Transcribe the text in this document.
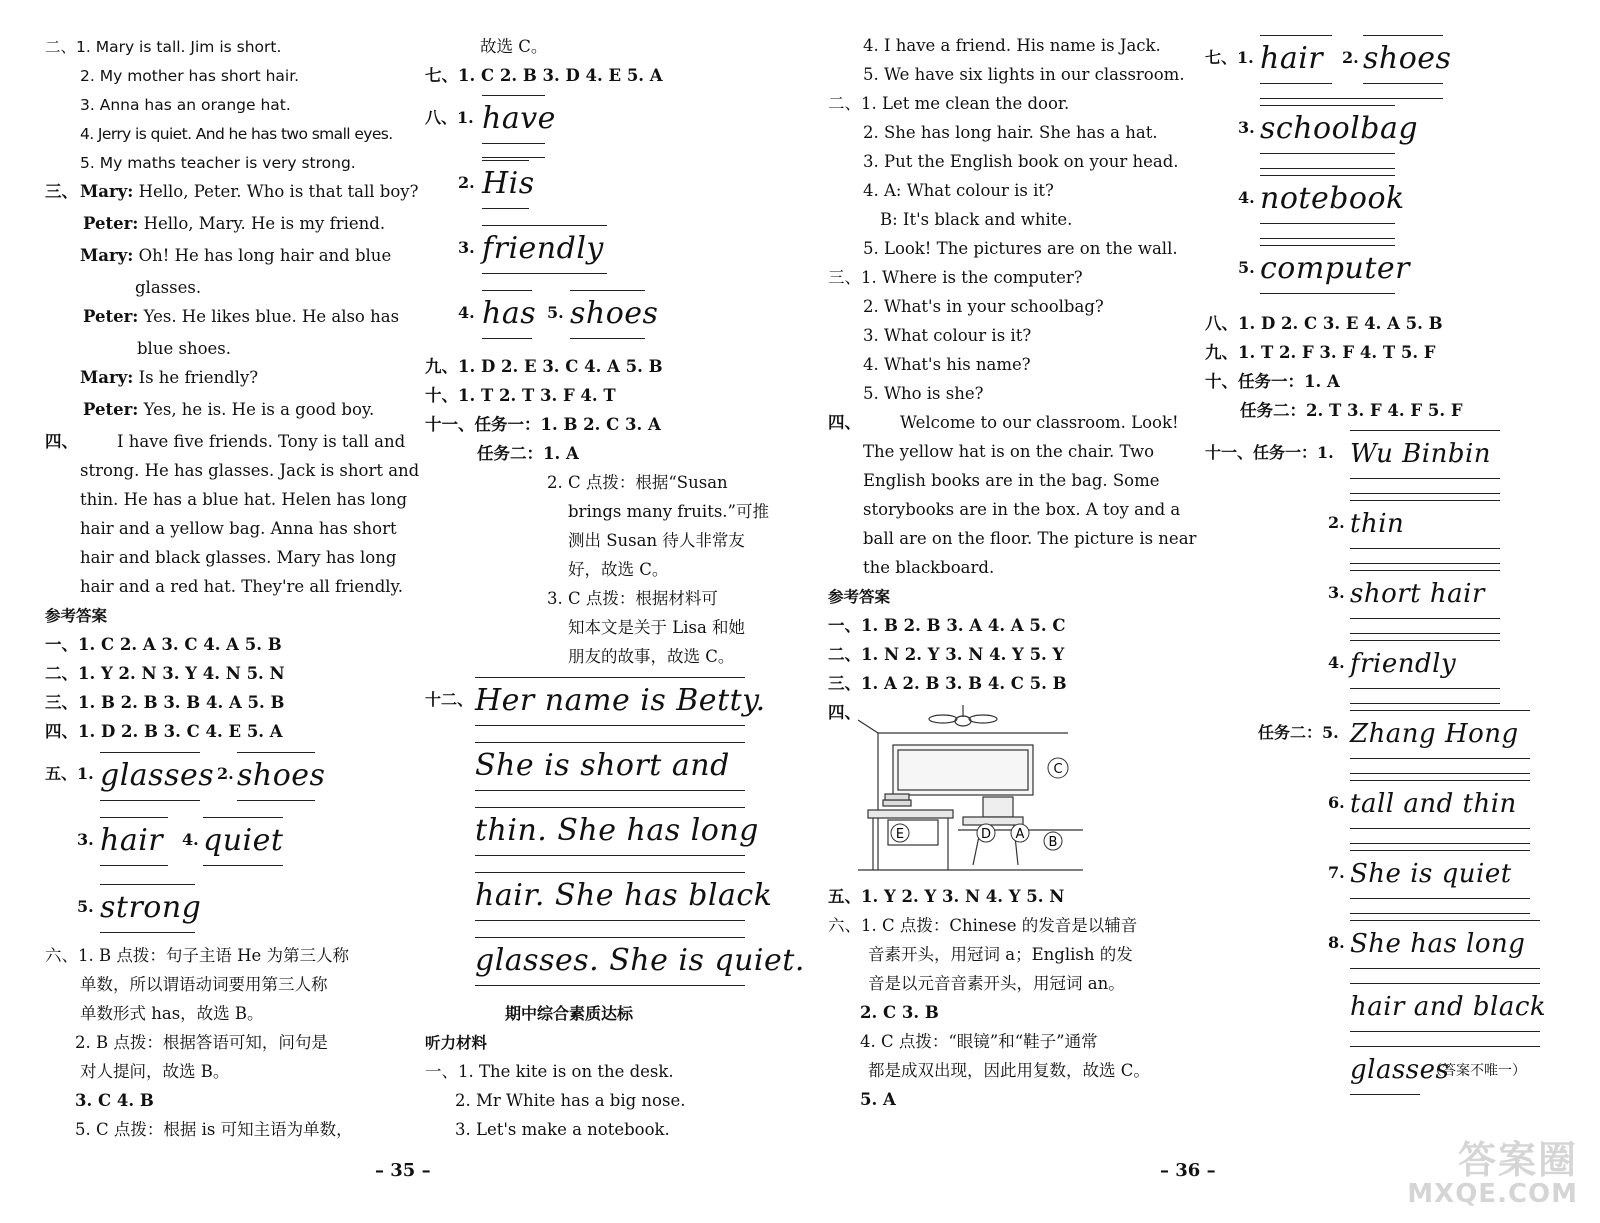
二、1. Mary is tall. Jim is short.
2. My mother has short hair.
3. Anna has an orange hat.
4. Jerry is quiet. And he has two small eyes.
5. My maths teacher is very strong.
三、 Mary: Hello, Peter. Who is that tall boy?
Peter: Hello, Mary. He is my friend.
Mary: Oh! He has long hair and blue
glasses.
Peter: Yes. He likes blue. He also has
blue shoes.
Mary: Is he friendly?
Peter: Yes, he is. He is a good boy.
四、 I have five friends. Tony is tall and
strong. He has glasses. Jack is short and
thin. He has a blue hat. Helen has long
hair and a yellow bag. Anna has short
hair and black glasses. Mary has long
hair and a red hat. They're all friendly.
参考答案
一、1. C 2. A 3. C 4. A 5. B
二、1. Y 2. N 3. Y 4. N 5. N
三、1. B 2. B 3. B 4. A 5. B
四、1. D 2. B 3. C 4. E 5. A
五、1. glasses 2. shoes
3. hair 4. quiet
5. strong
六、1. B 点拨：句子主语 He 为第三人称
单数，所以谓语动词要用第三人称
单数形式 has，故选 B。
2. B 点拨：根据答语可知，问句是
对人提问，故选 B。
3. C 4. B
5. C 点拨：根据 is 可知主语为单数，
故选 C。
七、1. C 2. B 3. D 4. E 5. A
八、1. have
2. His
3. friendly
4. has 5. shoes
九、1. D 2. E 3. C 4. A 5. B
十、1. T 2. T 3. F 4. T
十一、任务一：1. B 2. C 3. A
任务二：1. A
2. C 点拨：根据“Susan
brings many fruits.”可推
测出 Susan 待人非常友
好，故选 C。
3. C 点拨：根据材料可
知本文是关于 Lisa 和她
朋友的故事，故选 C。
十二、 Her name is Betty.
She is short and
thin. She has long
hair. She has black
glasses. She is quiet.
期中综合素质达标
听力材料
一、1. The kite is on the desk.
2. Mr White has a big nose.
3. Let's make a notebook.
– 35 –
4. I have a friend. His name is Jack.
5. We have six lights in our classroom.
二、1. Let me clean the door.
2. She has long hair. She has a hat.
3. Put the English book on your head.
4. A: What colour is it?
B: It's black and white.
5. Look! The pictures are on the wall.
三、1. Where is the computer?
2. What's in your schoolbag?
3. What colour is it?
4. What's his name?
5. Who is she?
四、 Welcome to our classroom. Look!
The yellow hat is on the chair. Two
English books are in the bag. Some
storybooks are in the box. A toy and a
ball are on the floor. The picture is near
the blackboard.
参考答案
一、1. B 2. B 3. A 4. A 5. C
二、1. N 2. Y 3. N 4. Y 5. Y
三、1. A 2. B 3. B 4. C 5. B
四、
C
E	D A
B
五、1. Y 2. Y 3. N 4. Y 5. N
六、1. C 点拨：Chinese 的发音是以辅音
音素开头，用冠词 a；English 的发
音是以元音音素开头，用冠词 an。
2. C 3. B
4. C 点拨：“眼镜”和“鞋子”通常
都是成双出现，因此用复数，故选 C。
5. A
– 36 –
七、1. hair 2. shoes
3. schoolbag
4. notebook
5. computer
八、1. D 2. C 3. E 4. A 5. B
九、1. T 2. F 3. F 4. T 5. F
十、任务一：1. A
任务二：2. T 3. F 4. F 5. F
十一、任务一：1. Wu Binbin
2. thin
3. short hair
4. friendly
任务二：5. Zhang Hong
6. tall and thin
7. She is quiet
8. She has long
hair and black
glasses
（答案不唯一）
答案圈
MXQE.COM
